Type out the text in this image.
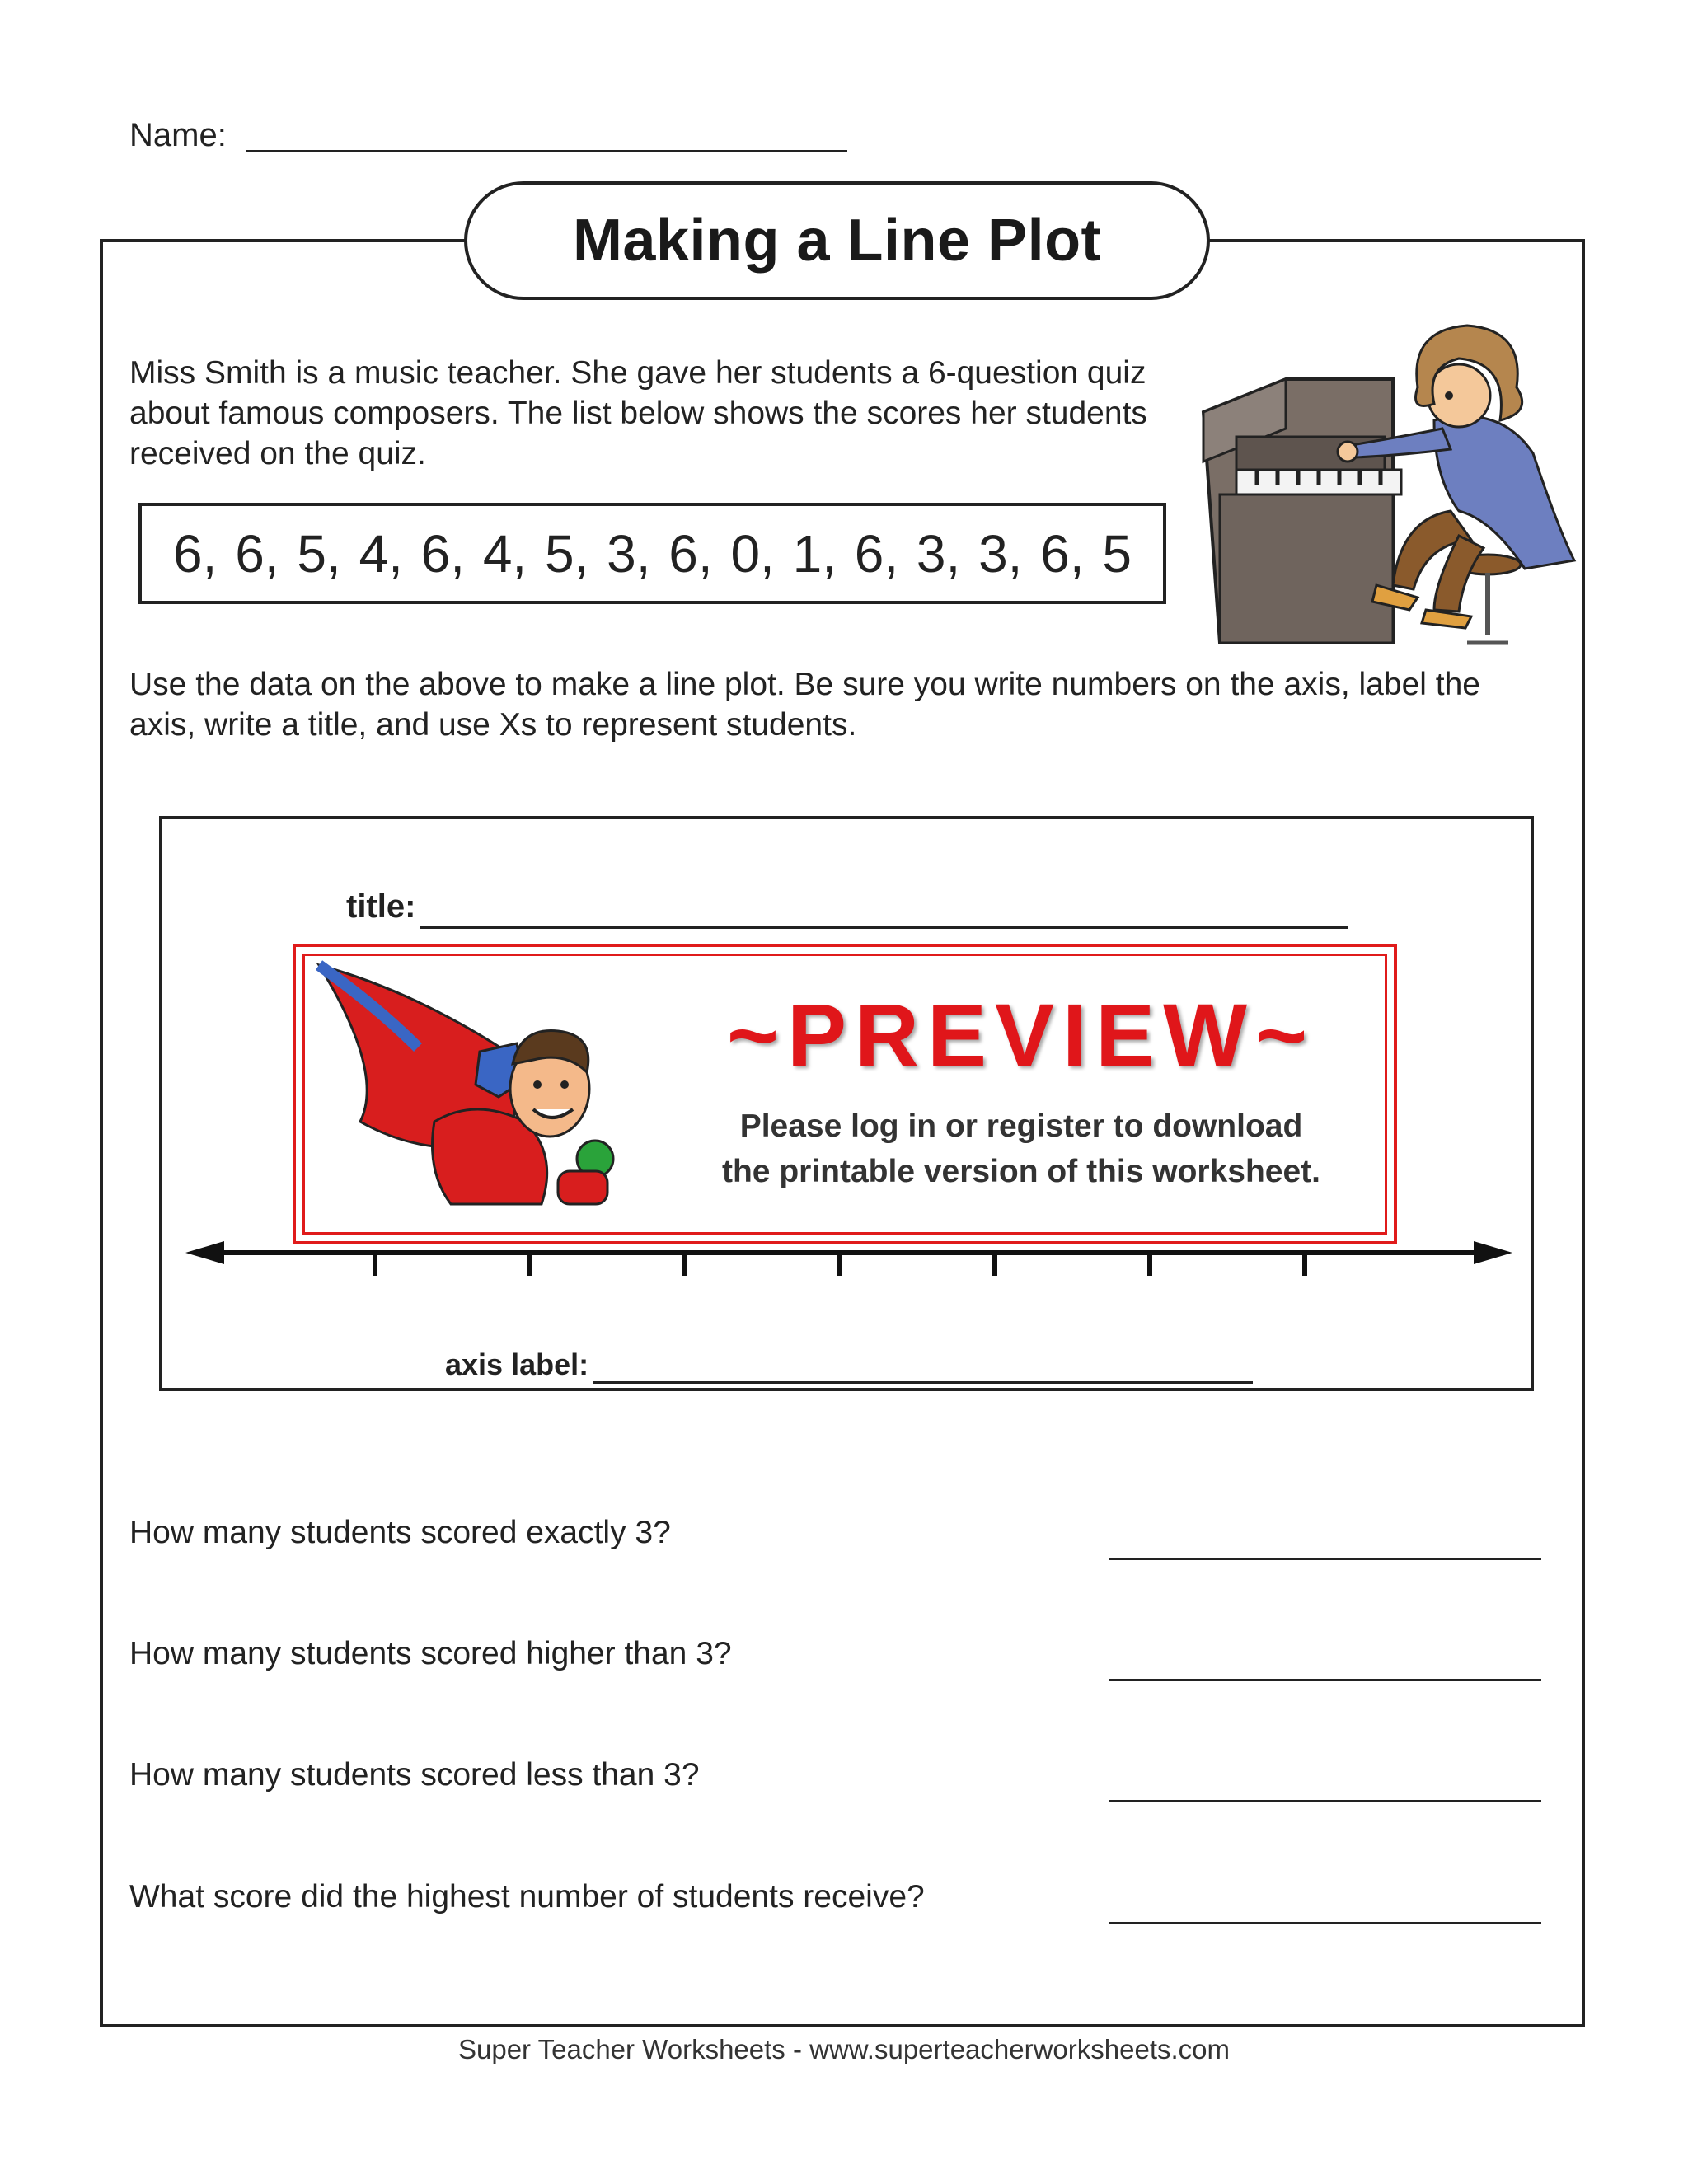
Name:
Making a Line Plot
Miss Smith is a music teacher. She gave her students a 6-question quiz about famous composers. The list below shows the scores her students received on the quiz.
6, 6, 5, 4, 6, 4, 5, 3, 6, 0, 1, 6, 3, 3, 6, 5
Use the data on the above to make a line plot. Be sure you write numbers on the axis, label the axis, write a title, and use Xs to represent students.
title:
~PREVIEW~
Please log in or register to download
the printable version of this worksheet.
axis label:
How many students scored exactly 3?
How many students scored higher than 3?
How many students scored less than 3?
What score did the highest number of students receive?
Super Teacher Worksheets - www.superteacherworksheets.com
